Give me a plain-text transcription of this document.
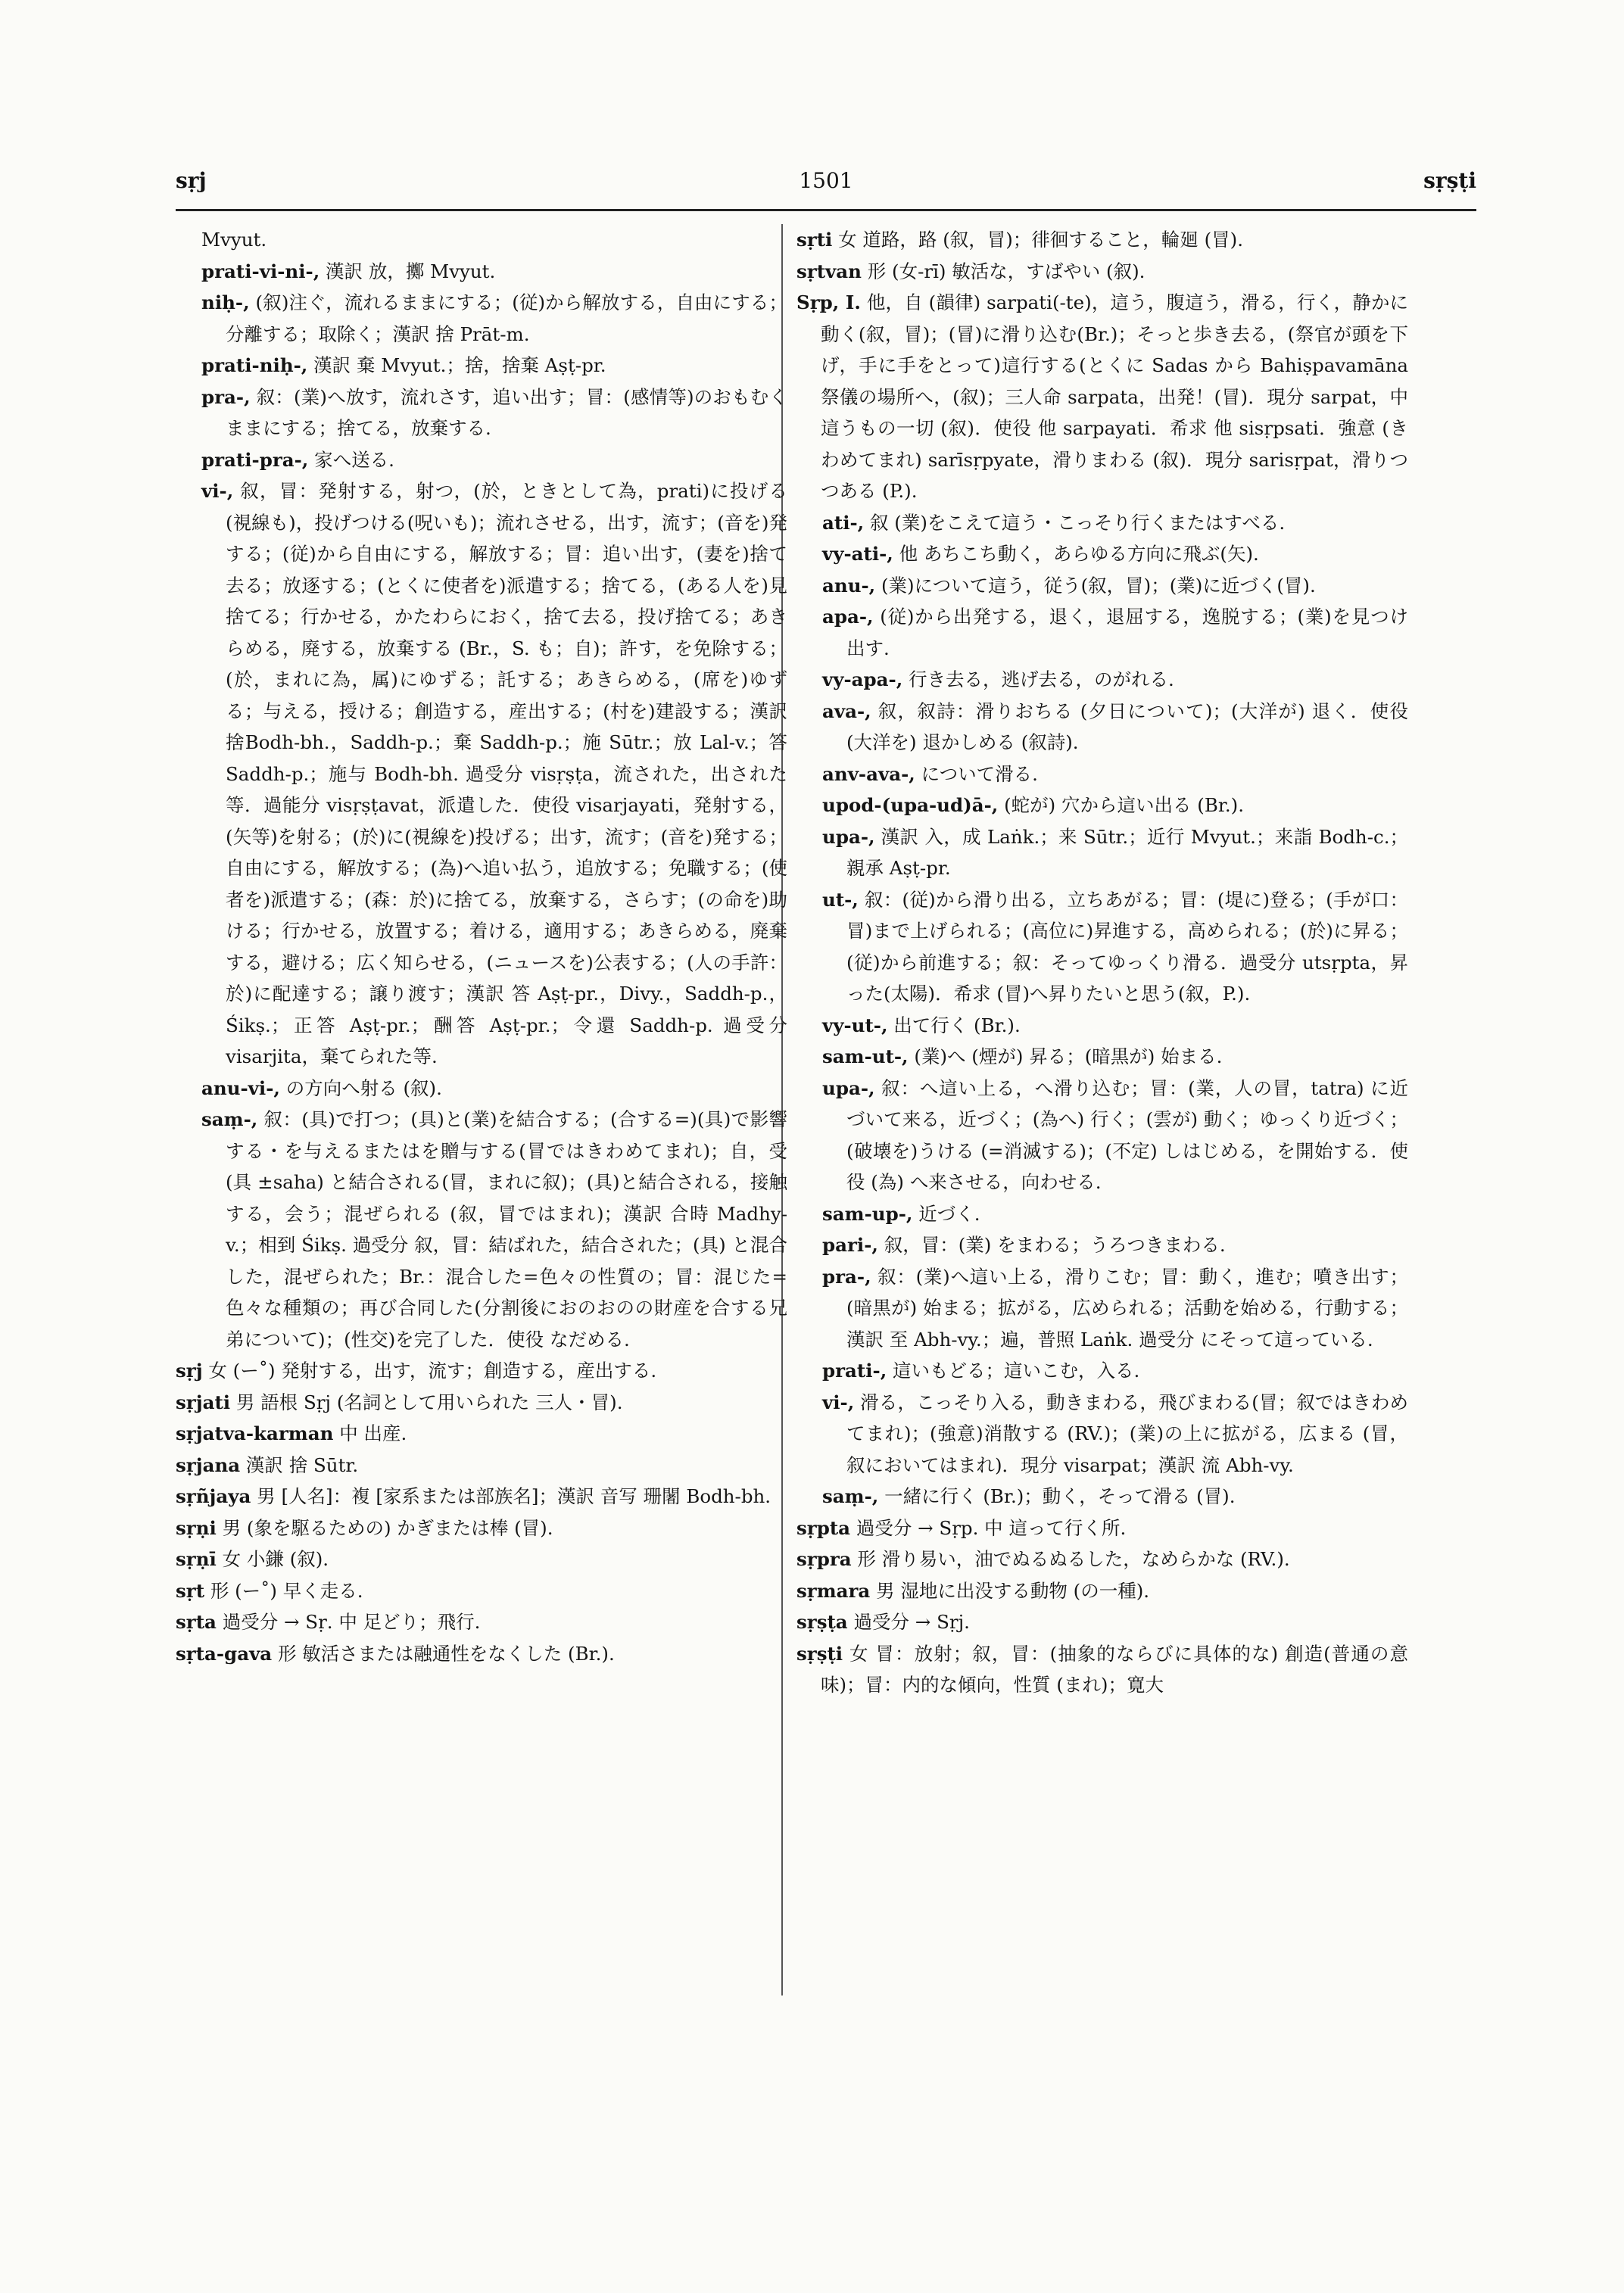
sṛj	1501	sṛṣṭi

Mvyut.

prati-vi-ni-, 漢訳 放，擲 Mvyut.

niḥ-, (叙)注ぐ，流れるままにする；(従)から解放する，自由にする；分離する；取除く；漢訳 捨 Prāt-m.

prati-niḥ-, 漢訳 棄 Mvyut.；捨，捨棄 Aṣṭ-pr.

pra-, 叙：(業)へ放す，流れさす，追い出す；冒：(感情等)のおもむくままにする；捨てる，放棄する.

prati-pra-, 家へ送る.

vi-, 叙，冒：発射する，射つ，(於，ときとして為，prati)に投げる(視線も)，投げつける(呪いも)；流れさせる，出す，流す；(音を)発する；(従)から自由にする，解放する；冒：追い出す，(妻を)捨て去る；放逐する；(とくに使者を)派遣する；捨てる，(ある人を)見捨てる；行かせる，かたわらにおく，捨て去る，投げ捨てる；あきらめる，廃する，放棄する (Br.，S. も；自)；許す，を免除する；(於，まれに為，属)にゆずる；託する；あきらめる，(席を)ゆずる；与える，授ける；創造する，産出する；(村を)建設する；漢訳 捨Bodh-bh.，Saddh-p.；棄 Saddh-p.；施 Sūtr.；放 Lal-v.；答 Saddh-p.；施与 Bodh-bh. 過受分 visṛṣṭa，流された，出された等．過能分 visṛṣṭavat，派遣した．使役 visarjayati，発射する，(矢等)を射る；(於)に(視線を)投げる；出す，流す；(音を)発する；自由にする，解放する；(為)へ追い払う，追放する；免職する；(使者を)派遣する；(森：於)に捨てる，放棄する，さらす；(の命を)助ける；行かせる，放置する；着ける，適用する；あきらめる，廃棄する，避ける；広く知らせる，(ニュースを)公表する；(人の手許：於)に配達する；譲り渡す；漢訳 答 Aṣṭ-pr.，Divy.，Saddh-p.，Śikṣ.；正答 Aṣṭ-pr.；酬答 Aṣṭ-pr.；令還 Saddh-p. 過受分 visarjita，棄てられた等.

anu-vi-, の方向へ射る (叙).

saṃ-, 叙：(具)で打つ；(具)と(業)を結合する；(合する=)(具)で影響する・を与えるまたはを贈与する(冒ではきわめてまれ)；自，受 (具 ±saha) と結合される(冒，まれに叙)；(具)と結合される，接触する，会う；混ぜられる (叙，冒ではまれ)；漢訳 合時 Madhy-v.；相到 Śikṣ. 過受分 叙，冒：結ばれた，結合された；(具) と混合した，混ぜられた；Br.：混合した=色々の性質の；冒：混じた=色々な種類の；再び合同した(分割後におのおのの財産を合する兄弟について)；(性交)を完了した．使役 なだめる.

sṛj 女 (ー˚) 発射する，出す，流す；創造する，産出する.

sṛjati 男 語根 Sṛj (名詞として用いられた 三人・冒).

sṛjatva-karman 中 出産.

sṛjana 漢訳 捨 Sūtr.

sṛñjaya 男 [人名]：複 [家系または部族名]；漢訳 音写 珊闍 Bodh-bh.

sṛṇi 男 (象を駆るための) かぎまたは棒 (冒).

sṛṇī 女 小鎌 (叙).

sṛt 形 (ー˚) 早く走る.

sṛta 過受分 → Sṛ. 中 足どり；飛行.

sṛta-gava 形 敏活さまたは融通性をなくした (Br.).

sṛti 女 道路，路 (叙，冒)；徘徊すること，輪廻 (冒).

sṛtvan 形 (女-rī) 敏活な，すばやい (叙).

Sṛp, I. 他，自 (韻律) sarpati(-te)，這う，腹這う，滑る，行く，静かに動く(叙，冒)；(冒)に滑り込む(Br.)；そっと歩き去る，(祭官が頭を下げ，手に手をとって)這行する(とくに Sadas から Bahiṣpavamāna 祭儀の場所へ，(叙)；三人命 sarpata，出発！(冒)．現分 sarpat，中 這うもの一切 (叙)．使役 他 sarpayati．希求 他 sisṛpsati．強意 (きわめてまれ) sarīsṛpyate，滑りまわる (叙)．現分 sarisṛpat，滑りつつある (P.).

ati-, 叙 (業)をこえて這う・こっそり行くまたはすべる.

vy-ati-, 他 あちこち動く，あらゆる方向に飛ぶ(矢).

anu-, (業)について這う，従う(叙，冒)；(業)に近づく(冒).

apa-, (従)から出発する，退く，退屈する，逸脱する；(業)を見つけ出す.

vy-apa-, 行き去る，逃げ去る，のがれる.

ava-, 叙，叙詩：滑りおちる (夕日について)；(大洋が) 退く．使役 (大洋を) 退かしめる (叙詩).

anv-ava-, について滑る.

upod-(upa-ud)ā-, (蛇が) 穴から這い出る (Br.).

upa-, 漢訳 入，成 Laṅk.；来 Sūtr.；近行 Mvyut.；来詣 Bodh-c.；親承 Aṣṭ-pr.

ut-, 叙：(従)から滑り出る，立ちあがる；冒：(堤に)登る；(手が口：冒)まで上げられる；(高位に)昇進する，高められる；(於)に昇る；(従)から前進する；叙：そってゆっくり滑る．過受分 utsṛpta，昇った(太陽)．希求 (冒)へ昇りたいと思う(叙，P.).

vy-ut-, 出て行く (Br.).

sam-ut-, (業)へ (煙が) 昇る；(暗黒が) 始まる.

upa-, 叙：へ這い上る，へ滑り込む；冒：(業，人の冒，tatra) に近づいて来る，近づく；(為へ) 行く；(雲が) 動く；ゆっくり近づく；(破壊を)うける (=消滅する)；(不定) しはじめる，を開始する．使役 (為) へ来させる，向わせる.

sam-up-, 近づく.

pari-, 叙，冒：(業) をまわる；うろつきまわる.

pra-, 叙：(業)へ這い上る，滑りこむ；冒：動く，進む；噴き出す；(暗黒が) 始まる；拡がる，広められる；活動を始める，行動する；漢訳 至 Abh-vy.；遍，普照 Laṅk. 過受分 にそって這っている.

prati-, 這いもどる；這いこむ，入る.

vi-, 滑る，こっそり入る，動きまわる，飛びまわる(冒；叙ではきわめてまれ)；(強意)消散する (RV.)；(業)の上に拡がる，広まる (冒，叙においてはまれ)．現分 visarpat；漢訳 流 Abh-vy.

saṃ-, 一緒に行く (Br.)；動く，そって滑る (冒).

sṛpta 過受分 → Sṛp. 中 這って行く所.

sṛpra 形 滑り易い，油でぬるぬるした，なめらかな (RV.).

sṛmara 男 湿地に出没する動物 (の一種).

sṛṣṭa 過受分 → Sṛj.

sṛṣṭi 女 冒：放射；叙，冒：(抽象的ならびに具体的な) 創造(普通の意味)；冒：内的な傾向，性質 (まれ)；寛大
